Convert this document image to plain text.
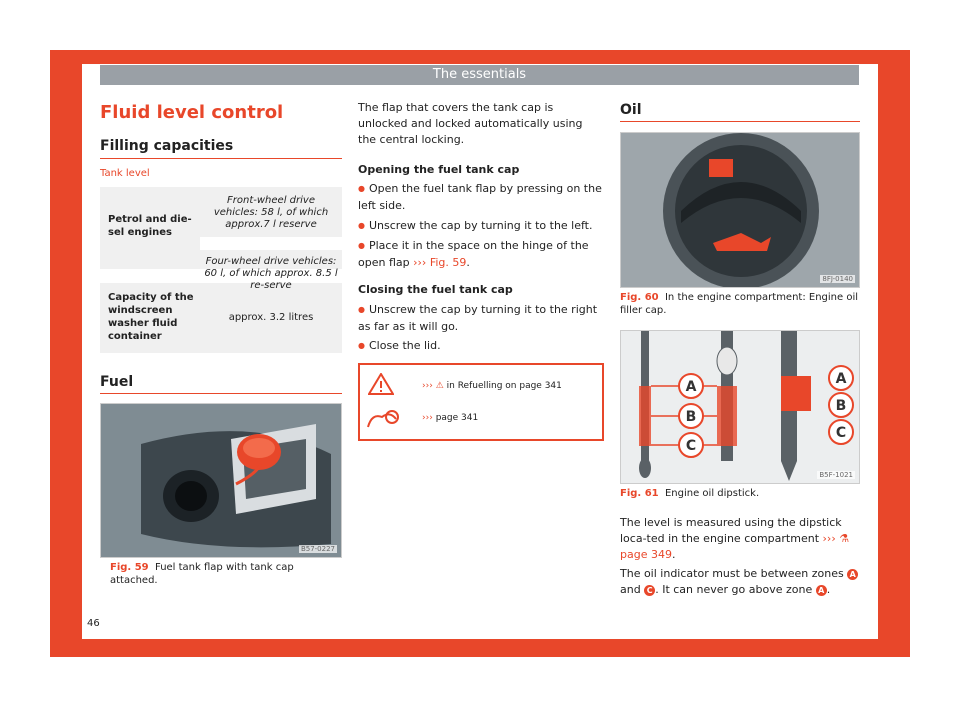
The essentials
Fluid level control
Filling capacities
Tank level
Petrol and die-sel engines
Front-wheel drive vehicles: 58 l, of which approx.7 l reserve
Four-wheel drive vehicles: 60 l, of which approx. 8.5 l re-serve
Capacity of the windscreen washer fluid container
approx. 3.2 litres
Fuel
B57-0227
Fig. 59 Fuel tank flap with tank cap attached.
The flap that covers the tank cap is unlocked and locked automatically using the central locking.
Opening the fuel tank cap
● Open the fuel tank flap by pressing on the left side.
● Unscrew the cap by turning it to the left.
● Place it in the space on the hinge of the open flap ››› Fig. 59.
Closing the fuel tank cap
● Unscrew the cap by turning it to the right as far as it will go.
● Close the lid.
››› ⚠ in Refuelling on page 341
››› page 341
Oil
8FJ-0140
Fig. 60 In the engine compartment: Engine oil filler cap.
A
B
C
A
B
C
B5F-1021
Fig. 61 Engine oil dipstick.
The level is measured using the dipstick loca-ted in the engine compartment ››› ⚗ page 349.
The oil indicator must be between zones A and C . It can never go above zone A .
46
